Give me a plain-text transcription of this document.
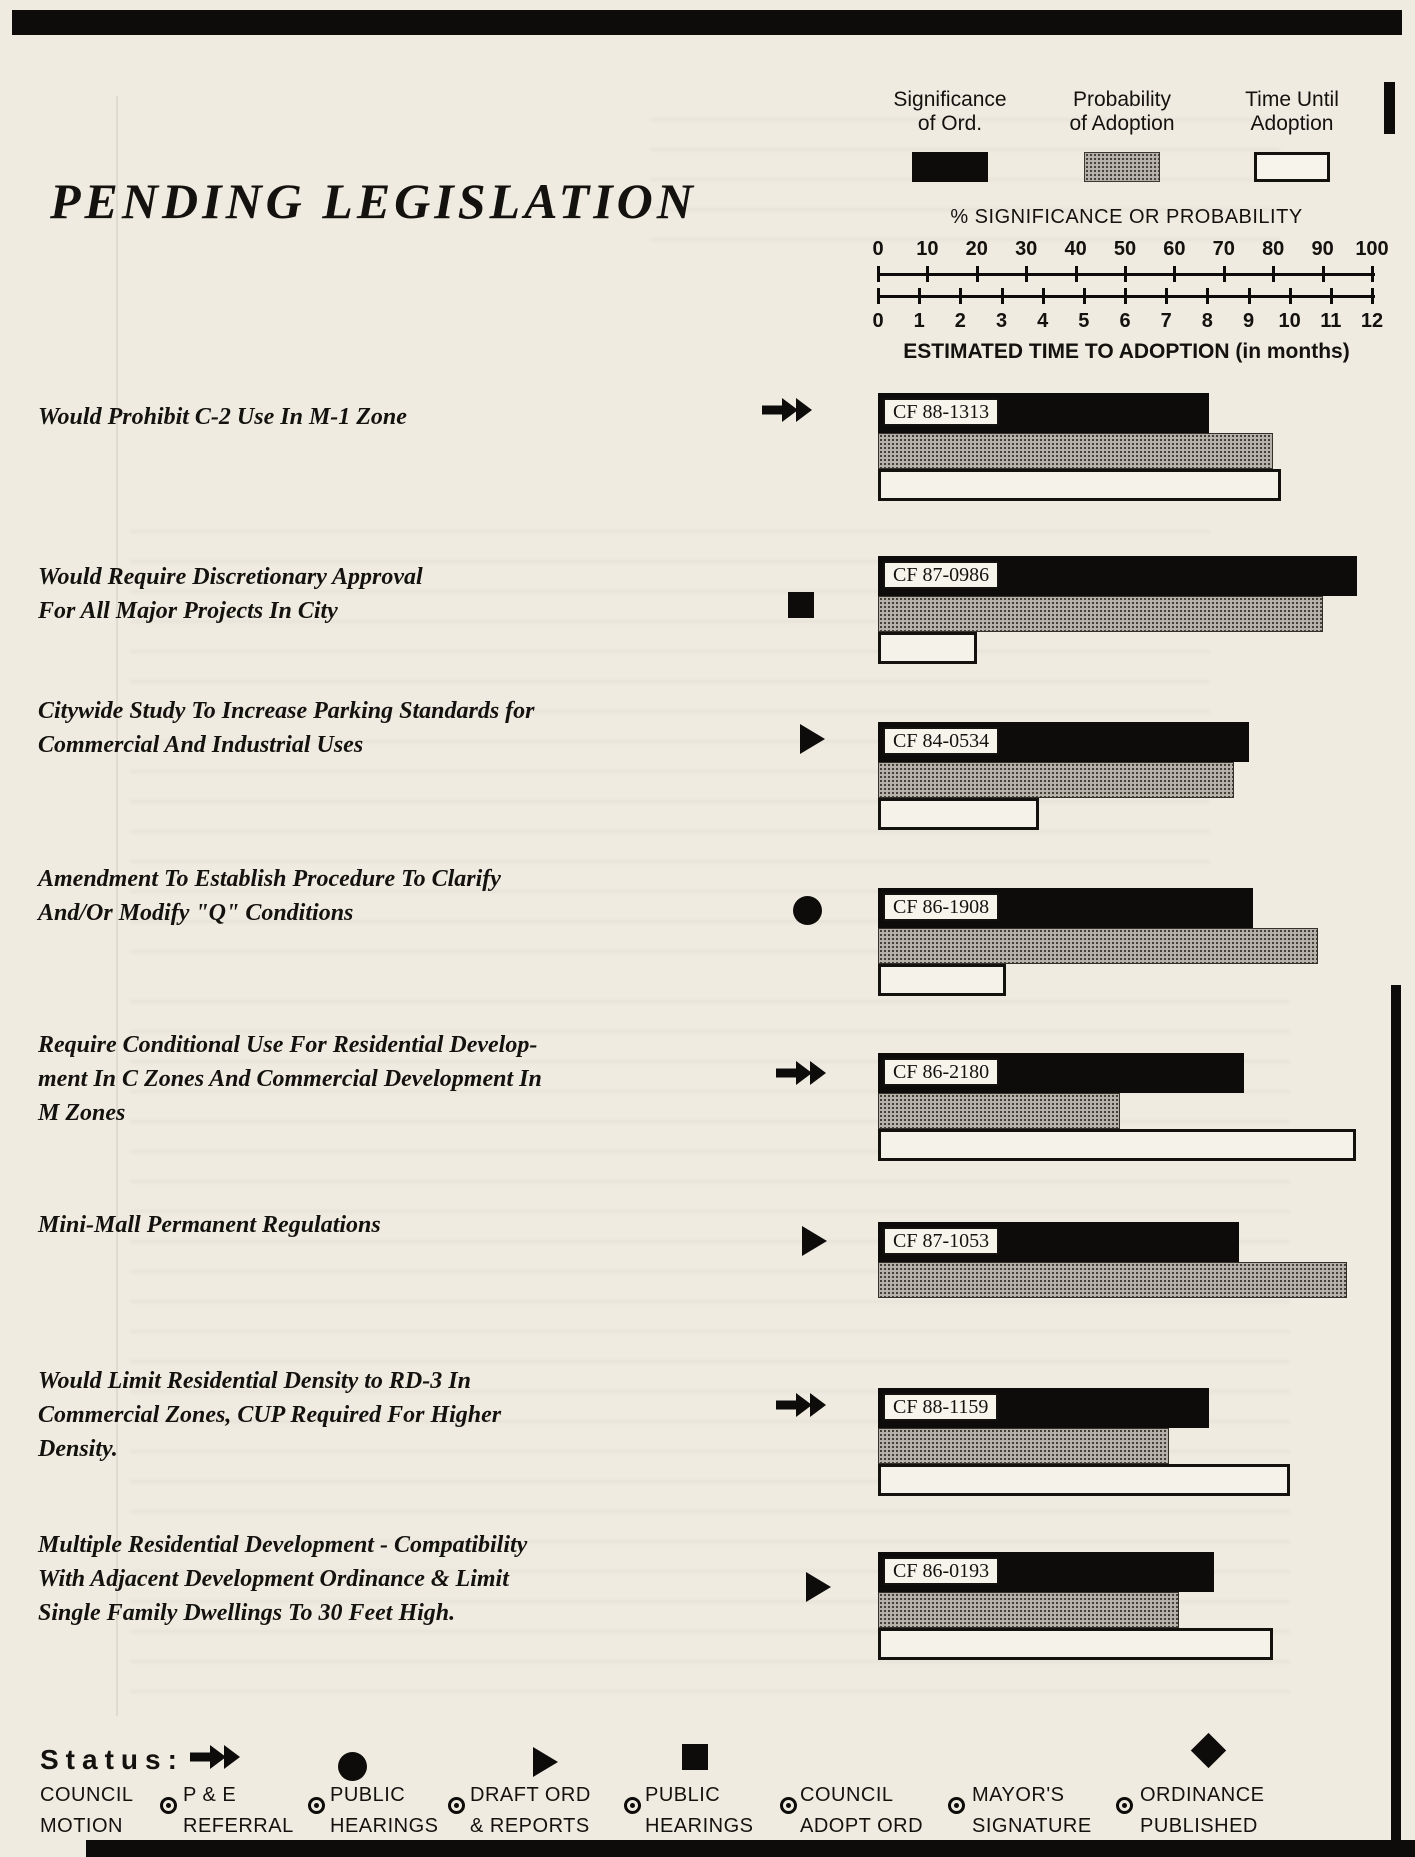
PENDING LEGISLATION	% SIGNIFICANCE OR PROBABILITY
ESTIMATED TIME TO ADOPTION (in months)
Status:
Significance
of Ord.
Probability
of Adoption
Time Until
Adoption
0 10 20 30 40 50 60 70 80 90 100
0 1 2 3 4 5 6 7 8 9 10 11 12
Would Prohibit C-2 Use In M-1 Zone	CF 88-1313
Would Require Discretionary Approval
For All Major Projects In City
CF 87-0986
Citywide Study To Increase Parking Standards for
Commercial And Industrial Uses	CF 84-0534
Amendment To Establish Procedure To Clarify
And/Or Modify "Q" Conditions	CF 86-1908
Require Conditional Use For Residential Develop-
ment In C Zones And Commercial Development In
M Zones
CF 86-2180
Mini-Mall Permanent Regulations
CF 87-1053
Would Limit Residential Density to RD-3 In
Commercial Zones, CUP Required For Higher
Density.
CF 88-1159
Multiple Residential Development - Compatibility
With Adjacent Development Ordinance & Limit
Single Family Dwellings To 30 Feet High.
CF 86-0193
COUNCIL
MOTION
P & E
REFERRAL
PUBLIC
HEARINGS
DRAFT ORD
& REPORTS
PUBLIC
HEARINGS
COUNCIL
ADOPT ORD
MAYOR'S
SIGNATURE
ORDINANCE
PUBLISHED
